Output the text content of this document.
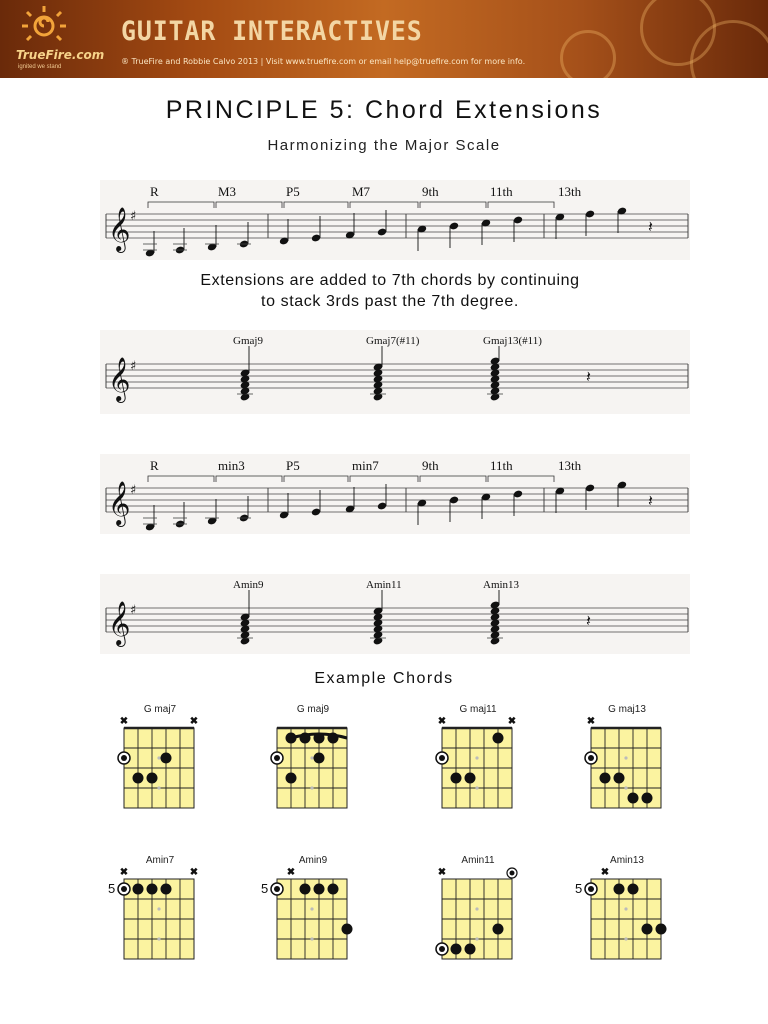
TrueFire.com
ignited we stand
GUITAR INTERACTIVES
® TrueFire and Robbie Calvo 2013 | Visit www.truefire.com or email help@truefire.com for more info.
PRINCIPLE 5: Chord Extensions
Harmonizing the Major Scale
𝄞 ♯
𝄽
R	M3	P5	M7	9th	11th	13th
Extensions are added to 7th chords by continuing
to stack 3rds past the 7th degree.
𝄞 ♯
Gmaj9	Gmaj7(#11)	Gmaj13(#11)
𝄽
𝄞 ♯
𝄽
R	min3	P5	min7	9th	11th	13th
𝄞 ♯
Amin9	Amin11	Amin13
𝄽
Example Chords
G maj7
✖	✖
G maj9	G maj11
✖	✖
G maj13
✖
Amin7
5
✖	✖
Amin9
5
✖
Amin11
✖
Amin13
5
✖
